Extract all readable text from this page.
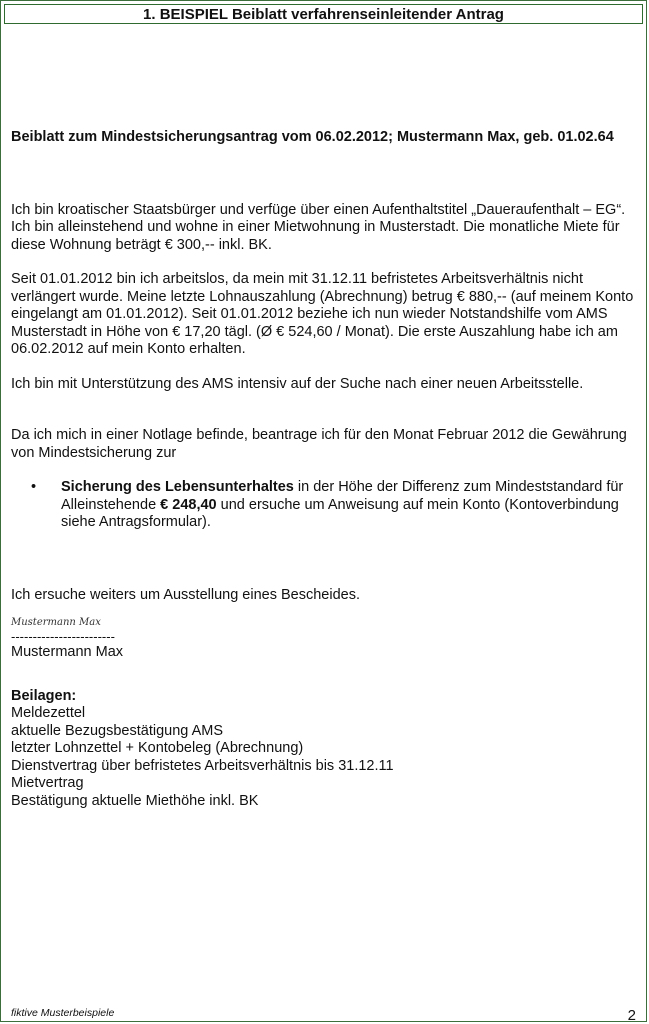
1. BEISPIEL Beiblatt verfahrenseinleitender Antrag

Beiblatt zum Mindestsicherungsantrag vom 06.02.2012; Mustermann Max, geb. 01.02.64

Ich bin kroatischer Staatsbürger und verfüge über einen Aufenthaltstitel „Daueraufenthalt – EG“. Ich bin alleinstehend und wohne in einer Mietwohnung in Musterstadt. Die monatliche Miete für diese Wohnung beträgt € 300,-- inkl. BK.

Seit 01.01.2012 bin ich arbeitslos, da mein mit 31.12.11 befristetes Arbeitsverhältnis nicht verlängert wurde. Meine letzte Lohnauszahlung (Abrechnung) betrug € 880,-- (auf meinem Konto eingelangt am 01.01.2012). Seit 01.01.2012 beziehe ich nun wieder Notstandshilfe vom AMS Musterstadt in Höhe von € 17,20 tägl. (Ø € 524,60 / Monat). Die erste Auszahlung habe ich am 06.02.2012 auf mein Konto erhalten.

Ich bin mit Unterstützung des AMS intensiv auf der Suche nach einer neuen Arbeitsstelle.

Da ich mich in einer Notlage befinde, beantrage ich für den Monat Februar 2012 die Gewährung von Mindestsicherung zur

•	Sicherung des Lebensunterhaltes in der Höhe der Differenz zum Mindeststandard für Alleinstehende € 248,40 und ersuche um Anweisung auf mein Konto (Kontoverbindung siehe Antragsformular).

Ich ersuche weiters um Ausstellung eines Bescheides.

Mustermann Max
------------------------

Mustermann Max

Beilagen:

Meldezettel

aktuelle Bezugsbestätigung AMS

letzter Lohnzettel + Kontobeleg (Abrechnung)

Dienstvertrag über befristetes Arbeitsverhältnis bis 31.12.11

Mietvertrag

Bestätigung aktuelle Miethöhe inkl. BK

fiktive Musterbeispiele	2
